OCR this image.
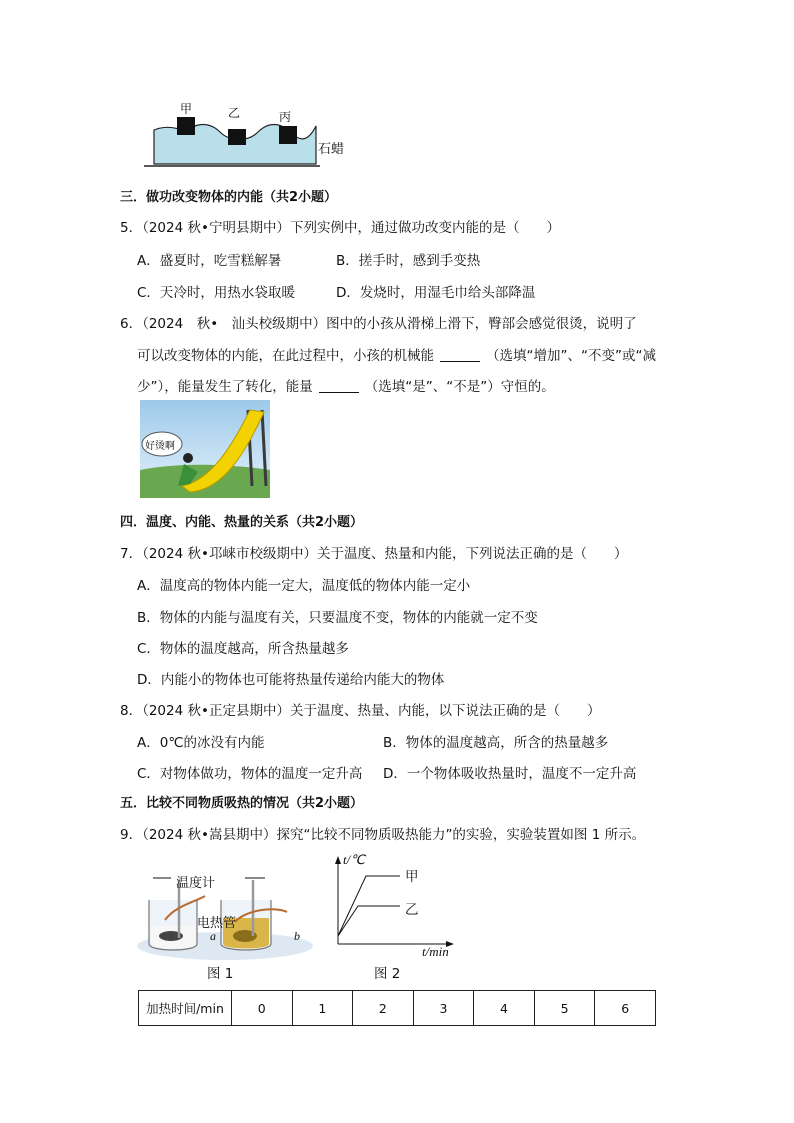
甲	乙	丙
石蜡
三．做功改变物体的内能（共2小题）
5．（2024 秋•宁明县期中）下列实例中，通过做功改变内能的是（　　）
A．盛夏时，吃雪糕解暑	B．搓手时，感到手变热
C．天冷时，用热水袋取暖	D．发烧时，用湿毛巾给头部降温
6．（2024　秋•　汕头校级期中）图中的小孩从滑梯上滑下，臀部会感觉很烫，说明了
可以改变物体的内能，在此过程中，小孩的机械能	（选填“增加”、“不变”或“减
少”），能量发生了转化，能量	（选填“是”、“不是”）守恒的。
好烫啊
四．温度、内能、热量的关系（共2小题）
7．（2024 秋•邛崃市校级期中）关于温度、热量和内能，下列说法正确的是（　　）
A．温度高的物体内能一定大，温度低的物体内能一定小
B．物体的内能与温度有关，只要温度不变，物体的内能就一定不变
C．物体的温度越高，所含热量越多
D．内能小的物体也可能将热量传递给内能大的物体
8．（2024 秋•正定县期中）关于温度、热量、内能，以下说法正确的是（　　）
A．0℃的冰没有内能	B．物体的温度越高，所含的热量越多
C．对物体做功，物体的温度一定升高 D．一个物体吸收热量时，温度不一定升高
五．比较不同物质吸热的情况（共2小题）
9．（2024 秋•嵩县期中）探究“比较不同物质吸热能力”的实验，实验装置如图 1 所示。
温度计
电热管
a	b
图 1
t/℃
甲
乙
t/min
图 2
加热时间/min	0	1	2	3	4	5	6
